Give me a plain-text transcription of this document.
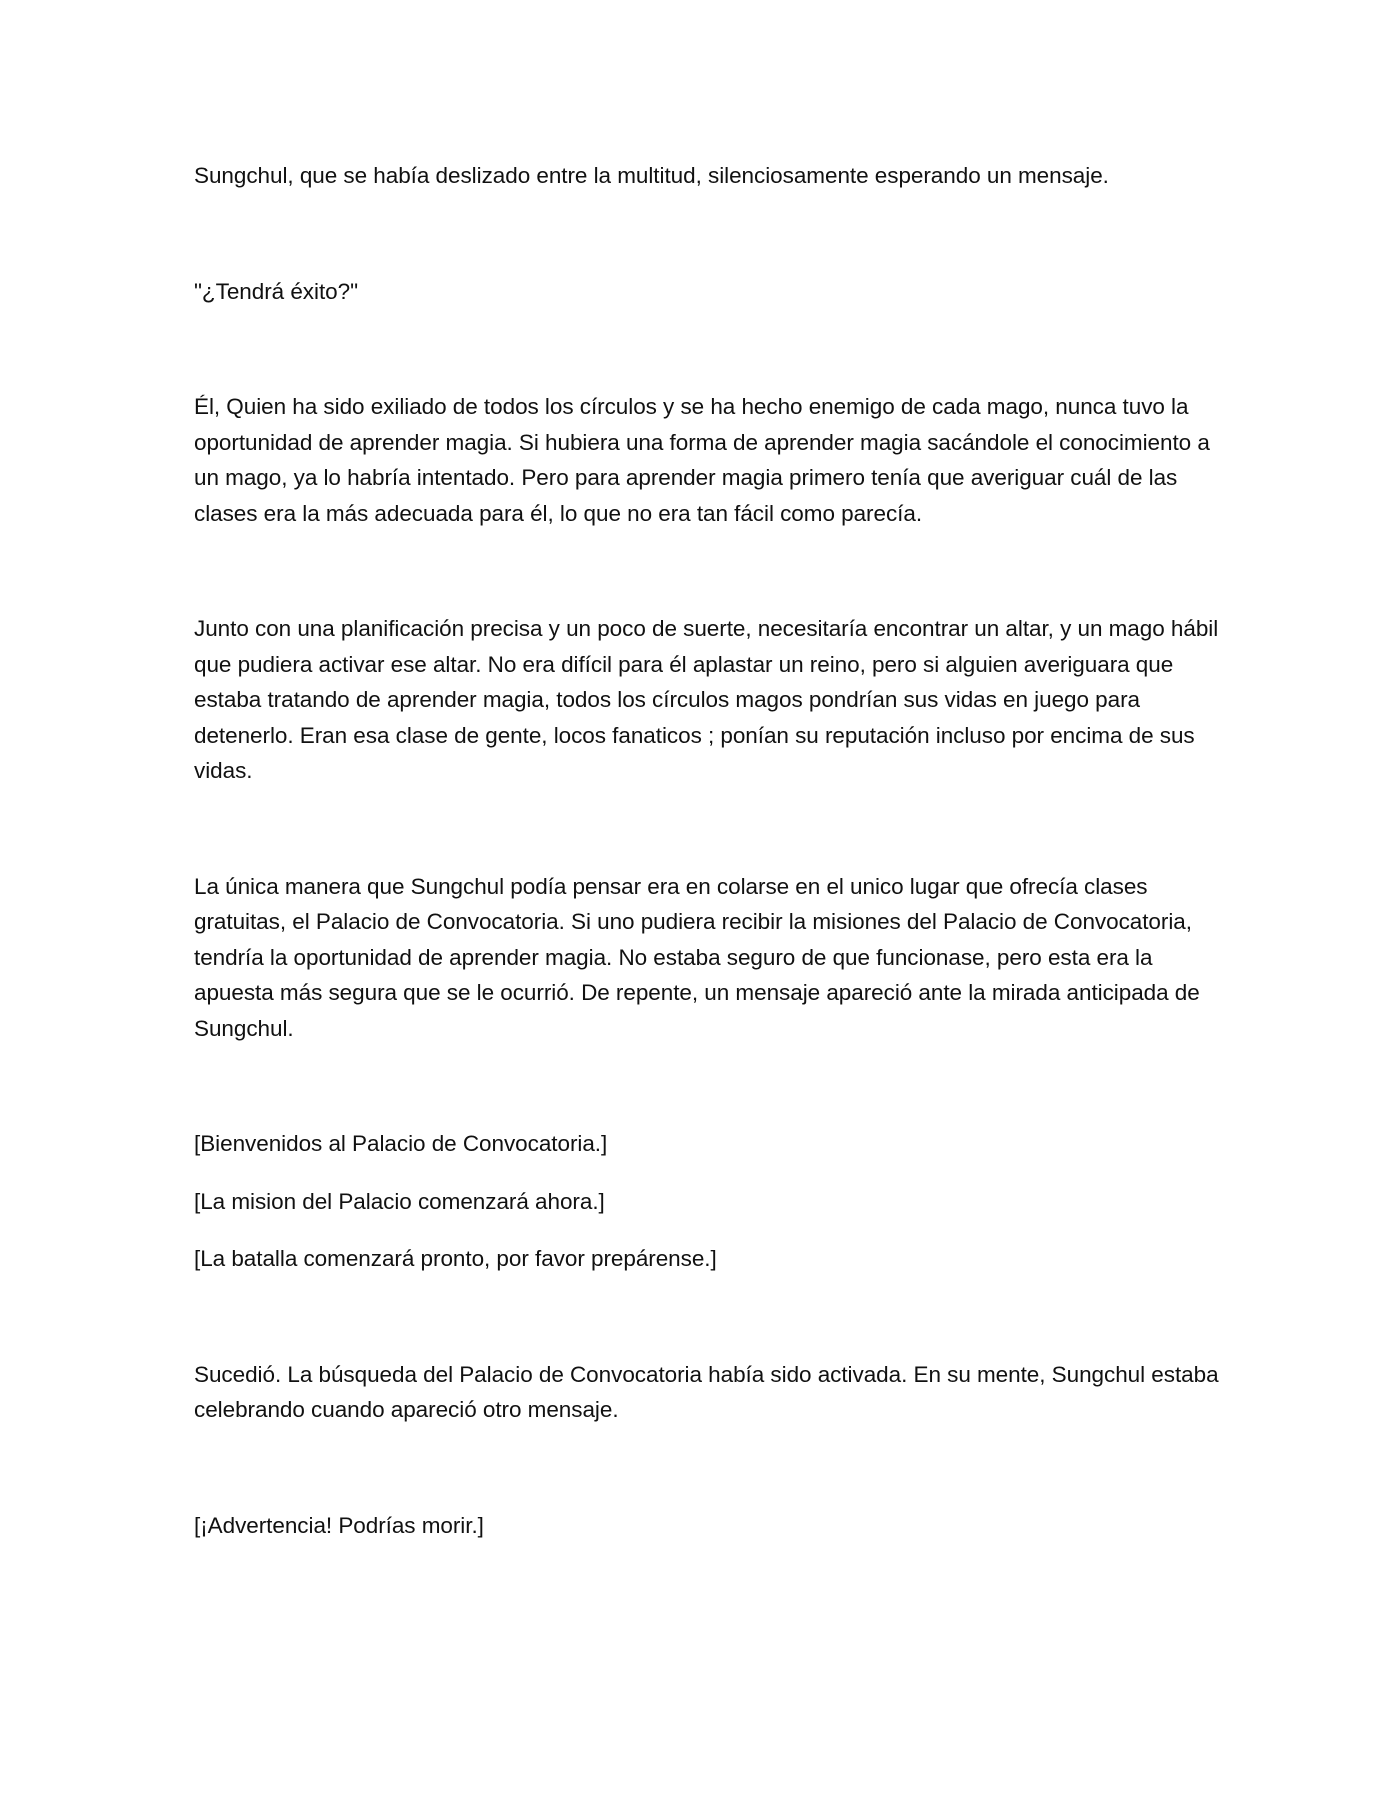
Sungchul, que se había deslizado entre la multitud, silenciosamente esperando un mensaje.

"¿Tendrá éxito?"

Él, Quien ha sido exiliado de todos los círculos y se ha hecho enemigo de cada mago, nunca tuvo la oportunidad de aprender magia. Si hubiera una forma de aprender magia sacándole el conocimiento a un mago, ya lo habría intentado. Pero para aprender magia primero tenía que averiguar cuál de las clases era la más adecuada para él, lo que no era tan fácil como parecía.

Junto con una planificación precisa y un poco de suerte, necesitaría encontrar un altar, y un mago hábil que pudiera activar ese altar. No era difícil para él aplastar un reino, pero si alguien averiguara que estaba tratando de aprender magia, todos los círculos magos pondrían sus vidas en juego para detenerlo. Eran esa clase de gente, locos fanaticos ; ponían su reputación incluso por encima de sus vidas.

La única manera que Sungchul podía pensar era en colarse en el unico lugar que ofrecía clases gratuitas, el Palacio de Convocatoria. Si uno pudiera recibir la misiones del Palacio de Convocatoria, tendría la oportunidad de aprender magia. No estaba seguro de que funcionase, pero esta era la apuesta más segura que se le ocurrió. De repente, un mensaje apareció ante la mirada anticipada de Sungchul.

[Bienvenidos al Palacio de Convocatoria.]

[La mision del Palacio comenzará ahora.]

[La batalla comenzará pronto, por favor prepárense.]

Sucedió. La búsqueda del Palacio de Convocatoria había sido activada. En su mente, Sungchul estaba celebrando cuando apareció otro mensaje.

[¡Advertencia! Podrías morir.]
